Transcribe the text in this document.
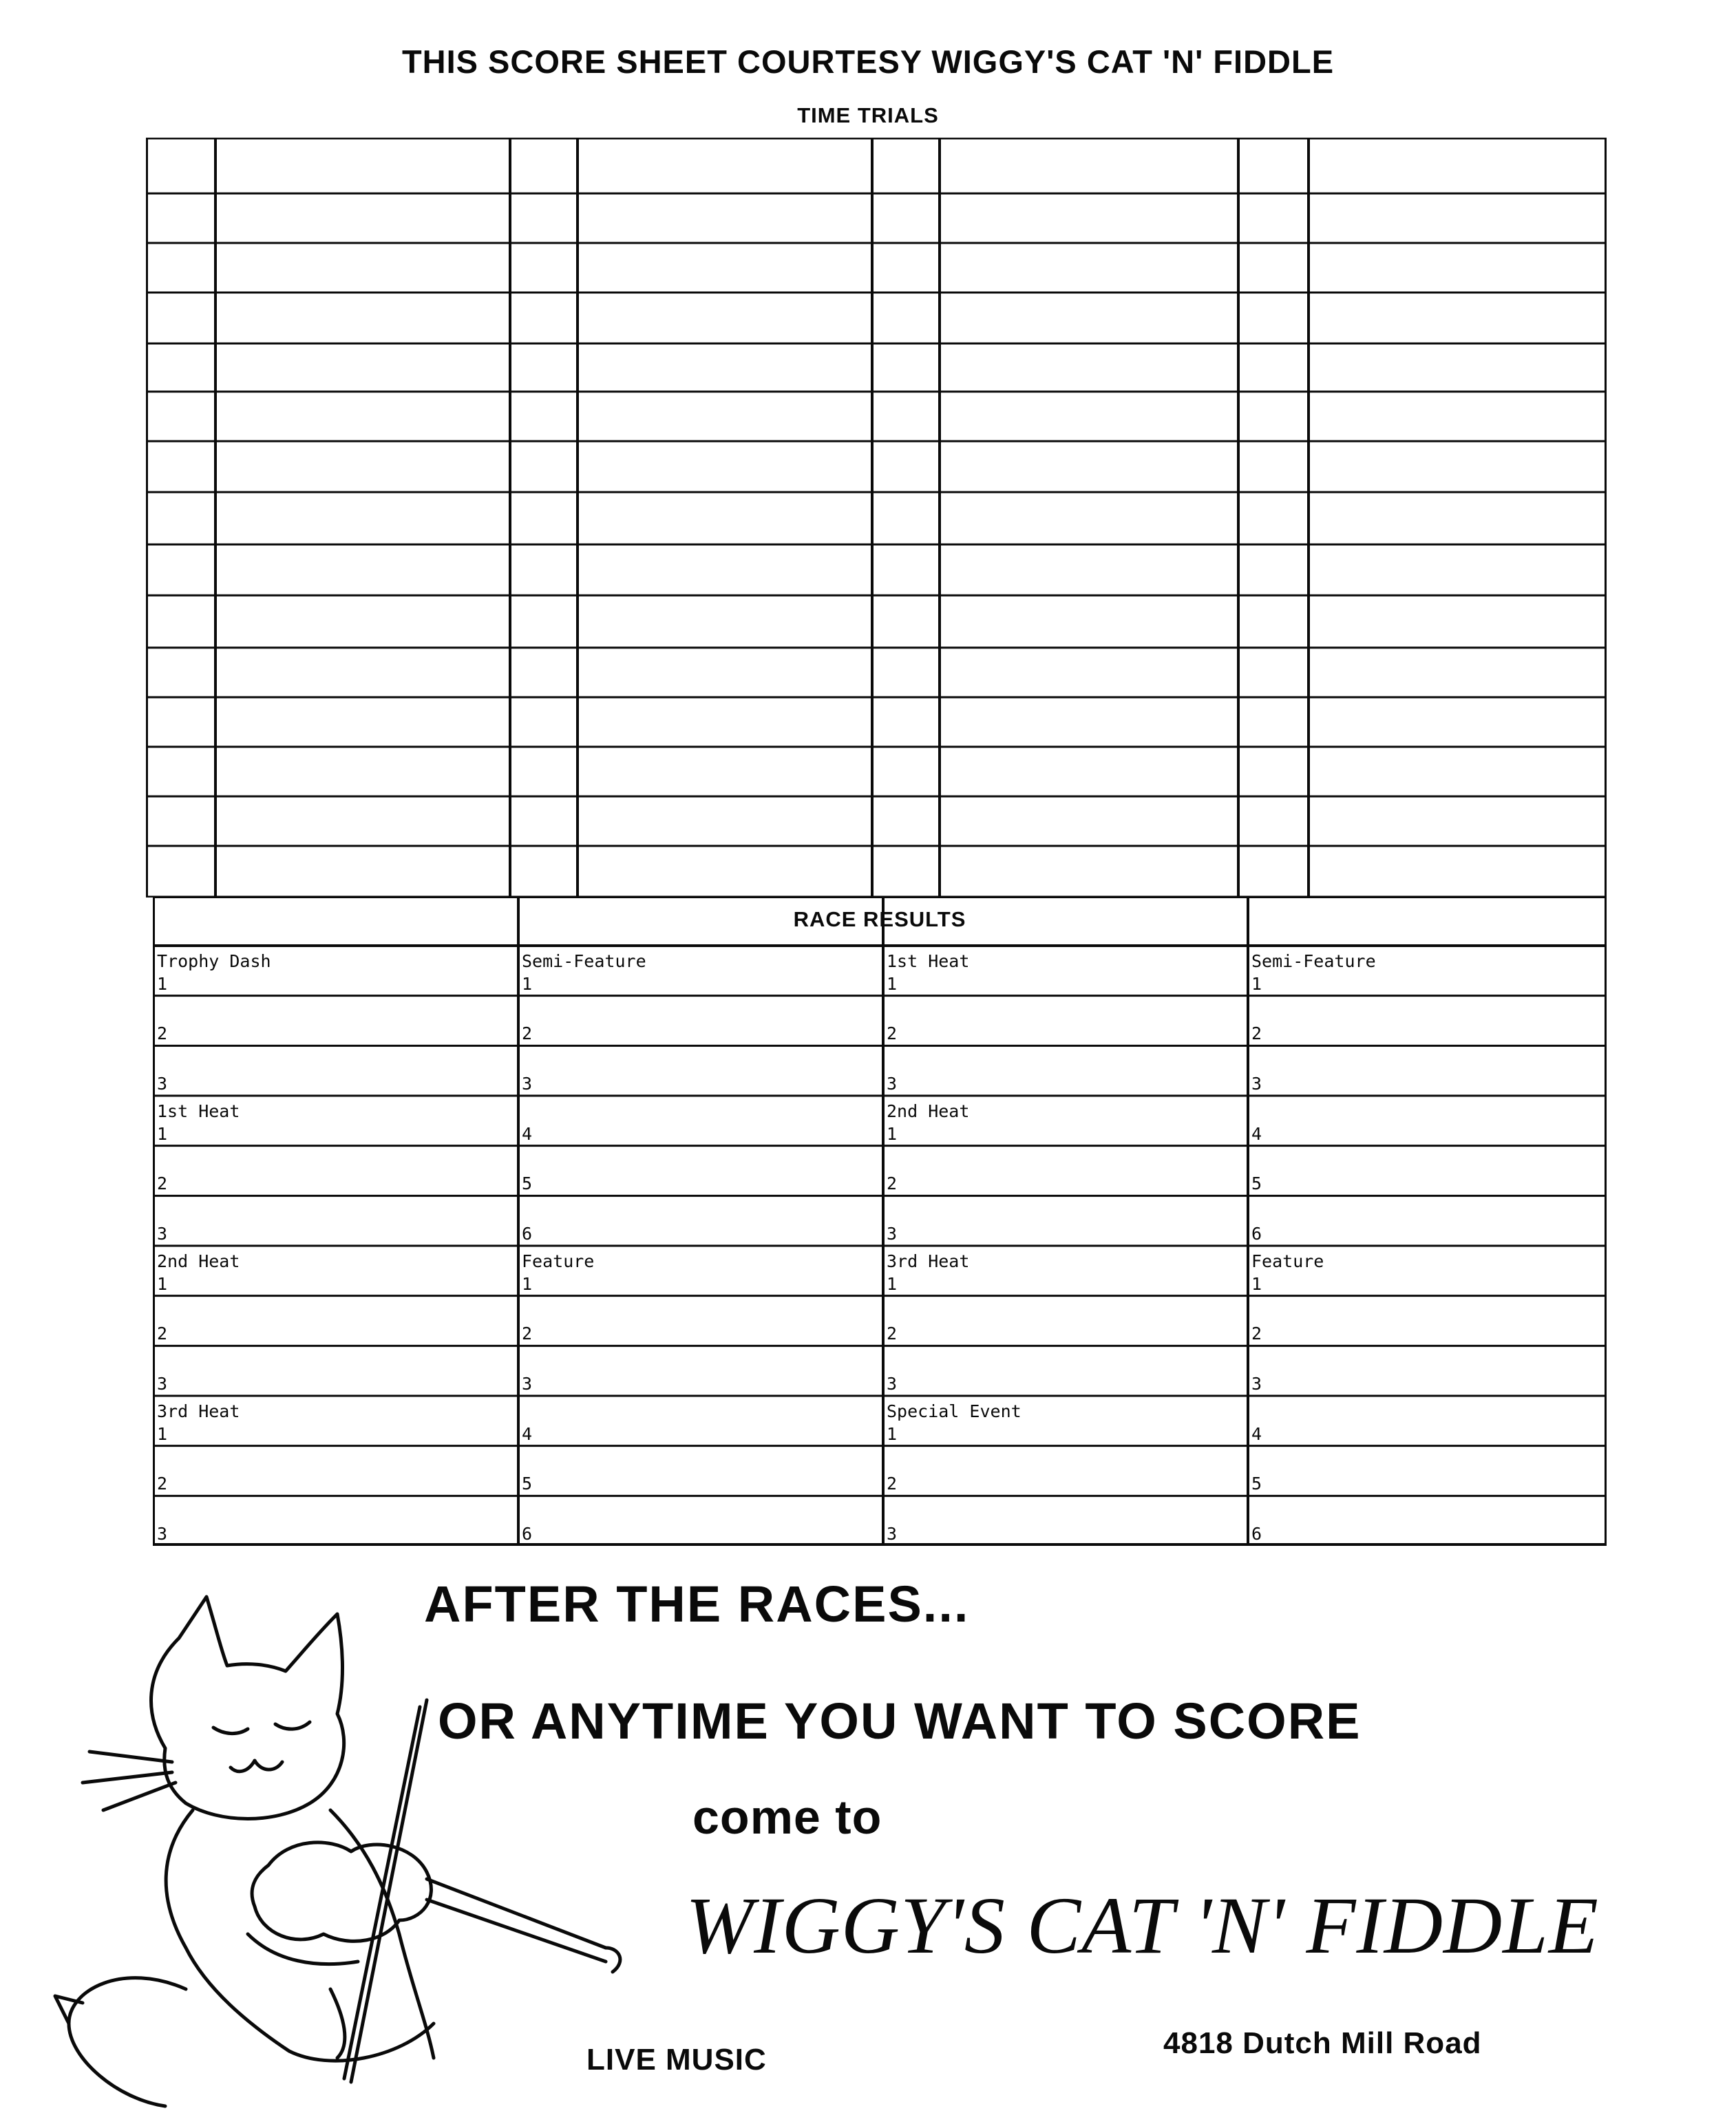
THIS SCORE SHEET COURTESY WIGGY'S CAT 'N' FIDDLE
TIME TRIALS
RACE RESULTS
Trophy Dash
1
2
3
1st Heat
1
2
3
2nd Heat
1
2
3
3rd Heat
1
2
3
Semi-Feature
1
2
3
4
5
6
Feature
1
2
3
4
5
6
1st Heat
1
2
3
2nd Heat
1
2
3
3rd Heat
1
2
3
Special Event
1
2
3
Semi-Feature
1
2
3
4
5
6
Feature
1
2
3
4
5
6
AFTER THE RACES...
OR ANYTIME YOU WANT TO SCORE
come to
WIGGY'S CAT 'N' FIDDLE
LIVE MUSIC	4818 Dutch Mill Road
